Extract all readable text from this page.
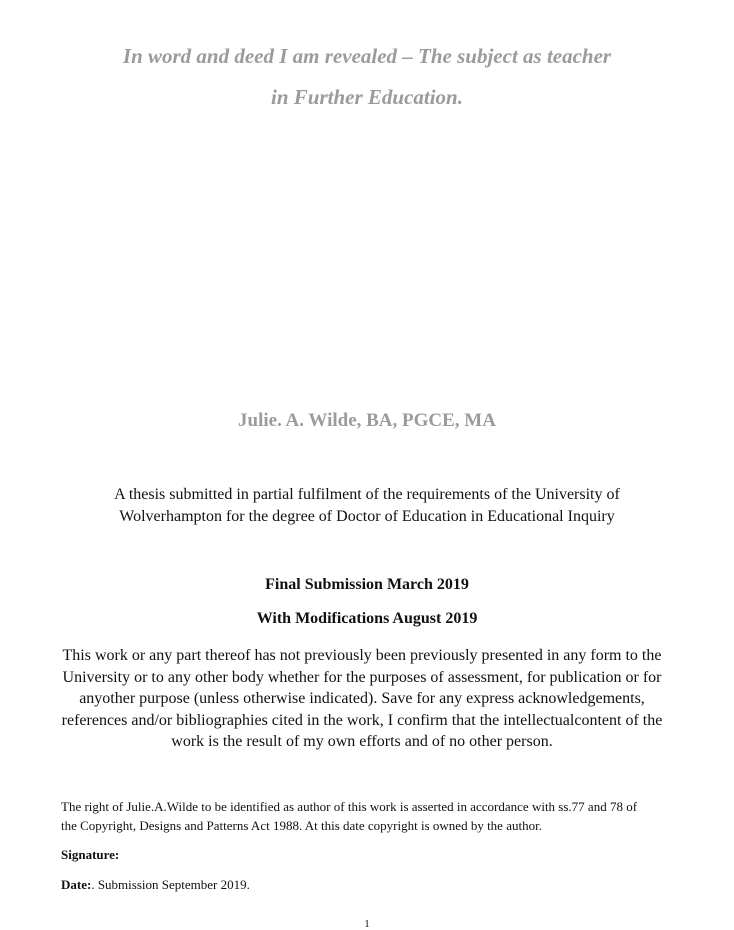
In word and deed I am revealed – The subject as teacher
in Further Education.
Julie. A. Wilde, BA, PGCE, MA
A thesis submitted in partial fulfilment of the requirements of the University of
Wolverhampton for the degree of Doctor of Education in Educational Inquiry
Final Submission March 2019
With Modifications August 2019
This work or any part thereof has not previously been previously presented in any form to the
University or to any other body whether for the purposes of assessment, for publication or for
anyother purpose (unless otherwise indicated). Save for any express acknowledgements,
references and/or bibliographies cited in the work, I confirm that the intellectualcontent of the
work is the result of my own efforts and of no other person.
The right of Julie.A.Wilde to be identified as author of this work is asserted in accordance with ss.77 and 78 of
the Copyright, Designs and Patterns Act 1988. At this date copyright is owned by the author.
Signature:
Date:. Submission September 2019.
1
